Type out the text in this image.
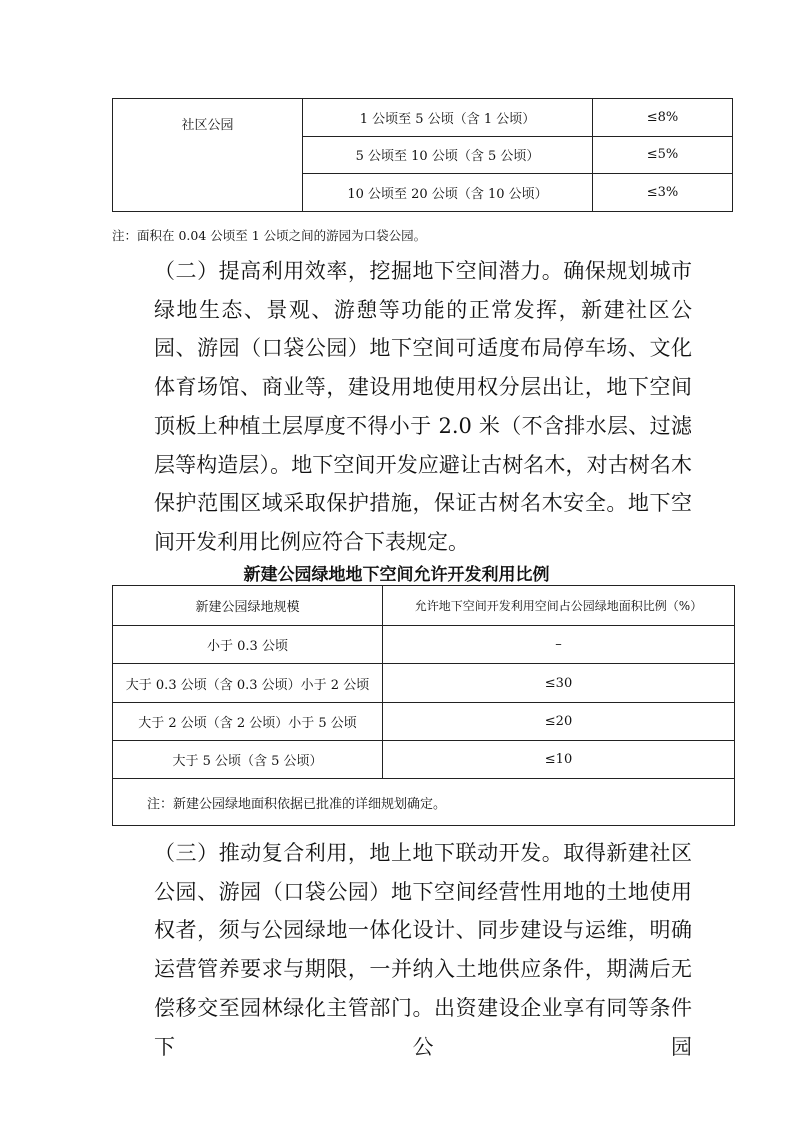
社区公园	1 公顷至 5 公顷（含 1 公顷）	≤8%
	5 公顷至 10 公顷（含 5 公顷）	≤5%
	10 公顷至 20 公顷（含 10 公顷）	≤3%
注：面积在 0.04 公顷至 1 公顷之间的游园为口袋公园。
（二）提高利用效率，挖掘地下空间潜力。确保规划城市绿地生态、景观、游憩等功能的正常发挥，新建社区公园、游园（口袋公园）地下空间可适度布局停车场、文化体育场馆、商业等，建设用地使用权分层出让，地下空间顶板上种植土层厚度不得小于 2.0 米（不含排水层、过滤层等构造层）。地下空间开发应避让古树名木，对古树名木保护范围区域采取保护措施，保证古树名木安全。地下空间开发利用比例应符合下表规定。
新建公园绿地地下空间允许开发利用比例
新建公园绿地规模	允许地下空间开发利用空间占公园绿地面积比例（%）
小于 0.3 公顷	–
大于 0.3 公顷（含 0.3 公顷）小于 2 公顷	≤30
大于 2 公顷（含 2 公顷）小于 5 公顷	≤20
大于 5 公顷（含 5 公顷）	≤10
注：新建公园绿地面积依据已批准的详细规划确定。	
（三）推动复合利用，地上地下联动开发。取得新建社区公园、游园（口袋公园）地下空间经营性用地的土地使用权者，须与公园绿地一体化设计、同步建设与运维，明确运营管养要求与期限，一并纳入土地供应条件，期满后无偿移交至园林绿化主管部门。出资建设企业享有同等条件下公园
